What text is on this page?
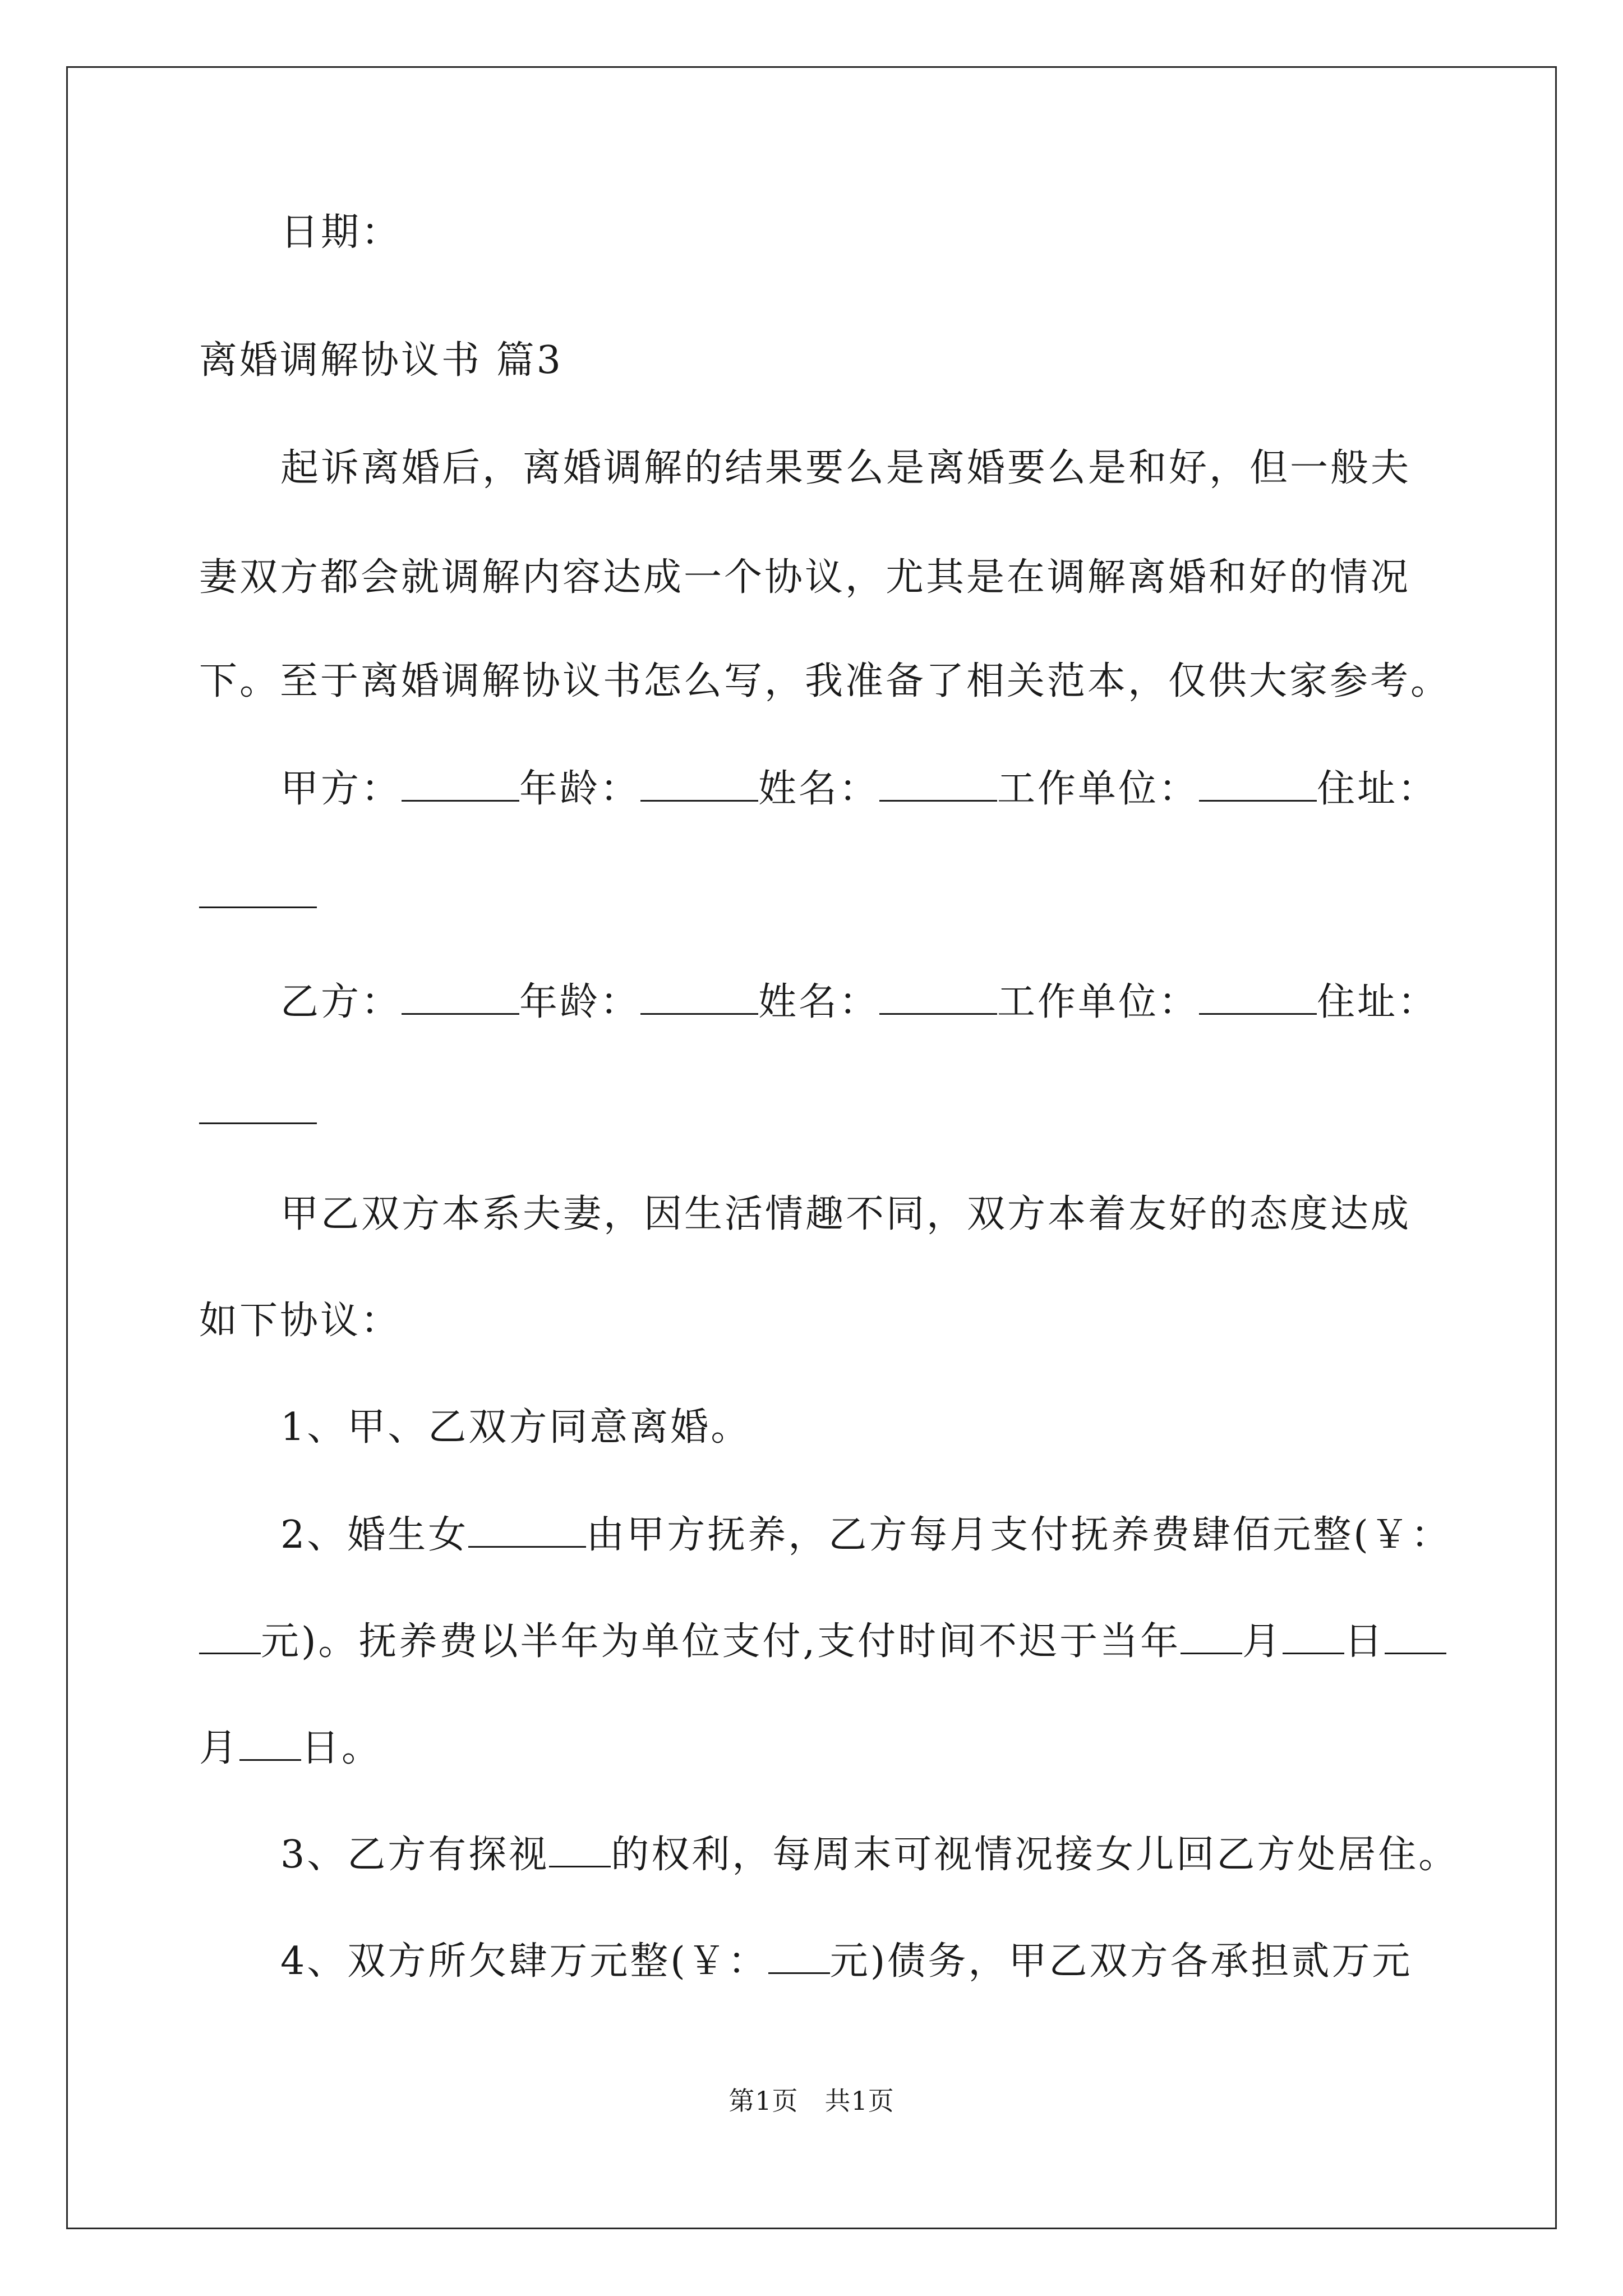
日期：
离婚调解协议书 篇3
起诉离婚后，离婚调解的结果要么是离婚要么是和好，但一般夫
妻双方都会就调解内容达成一个协议，尤其是在调解离婚和好的情况
下。至于离婚调解协议书怎么写，我准备了相关范本，仅供大家参考。
甲方：	年龄：	姓名：	工作单位：	住址：
乙方：	年龄：	姓名：	工作单位：	住址：
甲乙双方本系夫妻，因生活情趣不同，双方本着友好的态度达成
如下协议：
1、甲、乙双方同意离婚。
2、婚生女	由甲方抚养，乙方每月支付抚养费肆佰元整(￥：
元)。抚养费以半年为单位支付,支付时间不迟于当年 月 日
月 日。
3、乙方有探视 的权利，每周末可视情况接女儿回乙方处居住。
4、双方所欠肆万元整(￥： 元)债务，甲乙双方各承担贰万元
第1页　共1页
